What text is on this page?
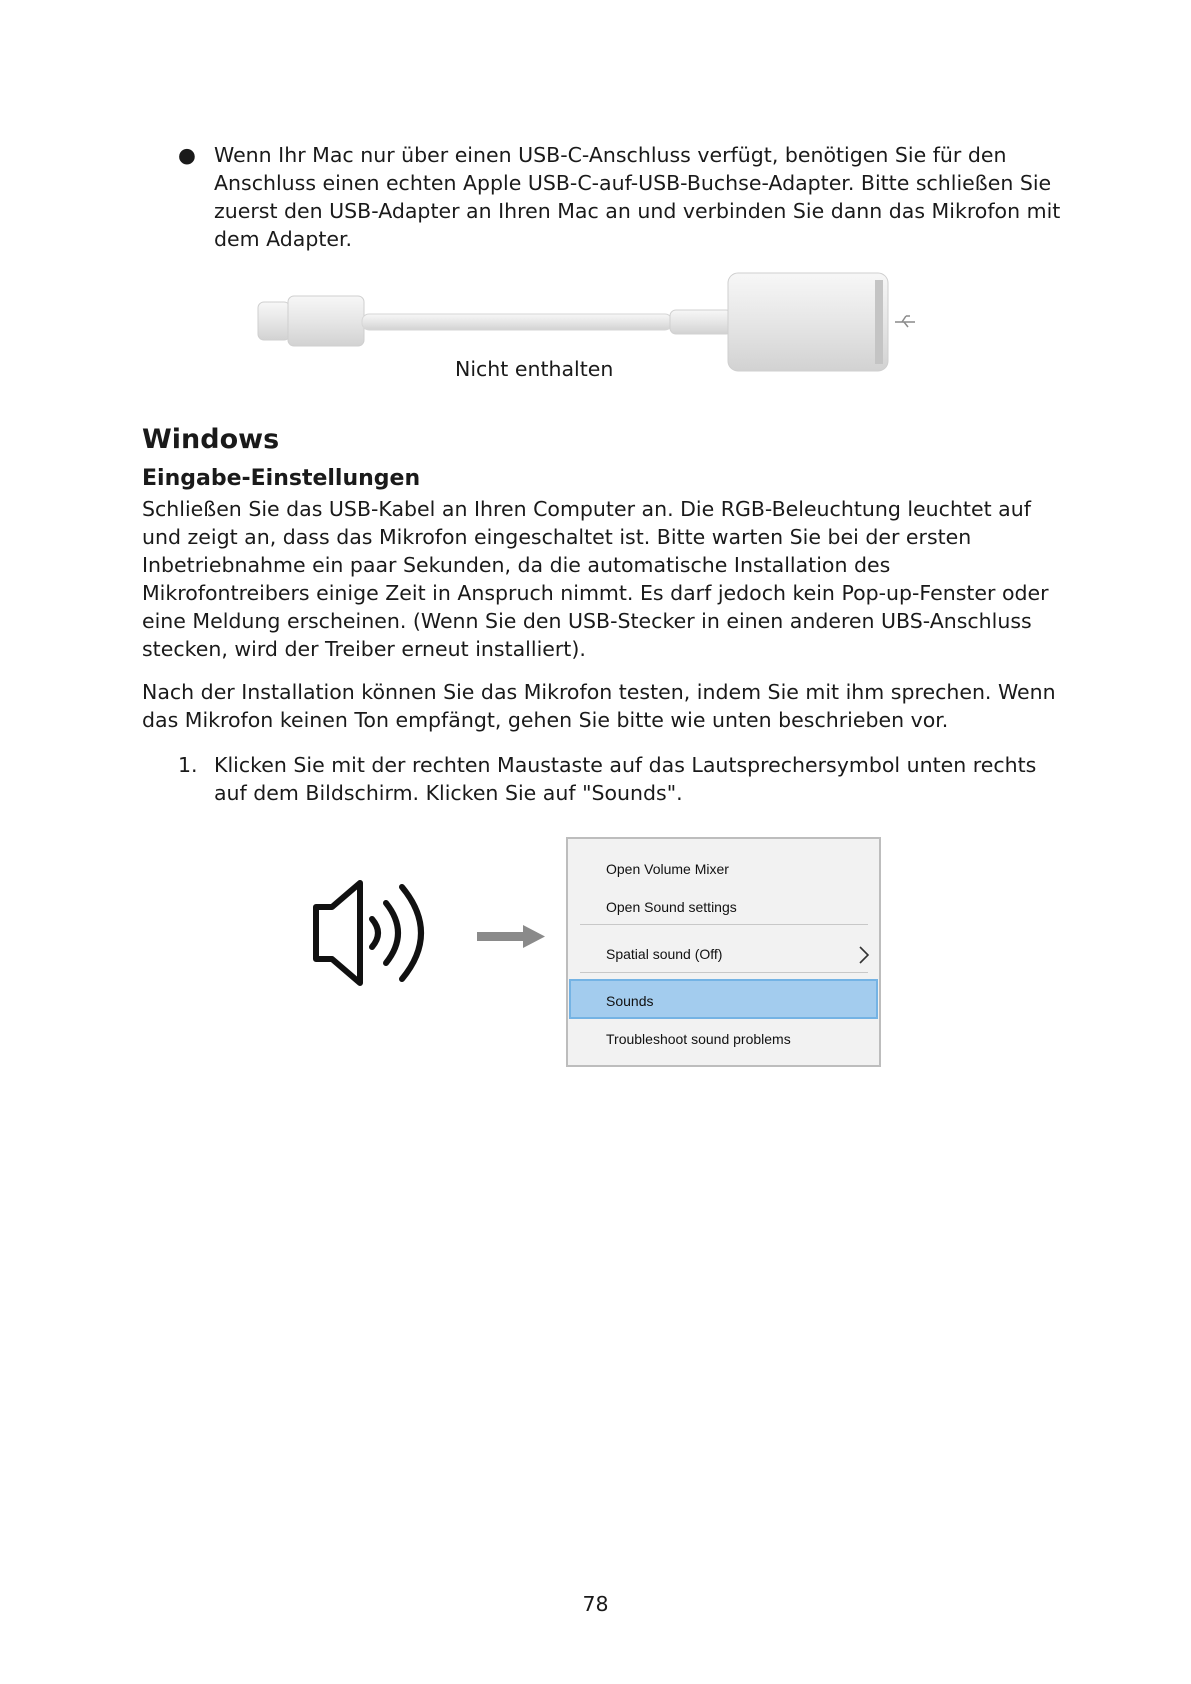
● Wenn Ihr Mac nur über einen USB-C-Anschluss verfügt, benötigen Sie für den Anschluss einen echten Apple USB-C-auf-USB-Buchse-Adapter. Bitte schließen Sie zuerst den USB-Adapter an Ihren Mac an und verbinden Sie dann das Mikrofon mit dem Adapter.
Nicht enthalten
Windows
Eingabe-Einstellungen
Schließen Sie das USB-Kabel an Ihren Computer an. Die RGB-Beleuchtung leuchtet auf und zeigt an, dass das Mikrofon eingeschaltet ist. Bitte warten Sie bei der ersten Inbetriebnahme ein paar Sekunden, da die automatische Installation des Mikrofontreibers einige Zeit in Anspruch nimmt. Es darf jedoch kein Pop-up-Fenster oder eine Meldung erscheinen. (Wenn Sie den USB-Stecker in einen anderen UBS-Anschluss stecken, wird der Treiber erneut installiert).
Nach der Installation können Sie das Mikrofon testen, indem Sie mit ihm sprechen. Wenn das Mikrofon keinen Ton empfängt, gehen Sie bitte wie unten beschrieben vor.
1. Klicken Sie mit der rechten Maustaste auf das Lautsprechersymbol unten rechts auf dem Bildschirm. Klicken Sie auf "Sounds".
Open Volume Mixer
Open Sound settings
Spatial sound (Off)
Sounds
Troubleshoot sound problems
78
